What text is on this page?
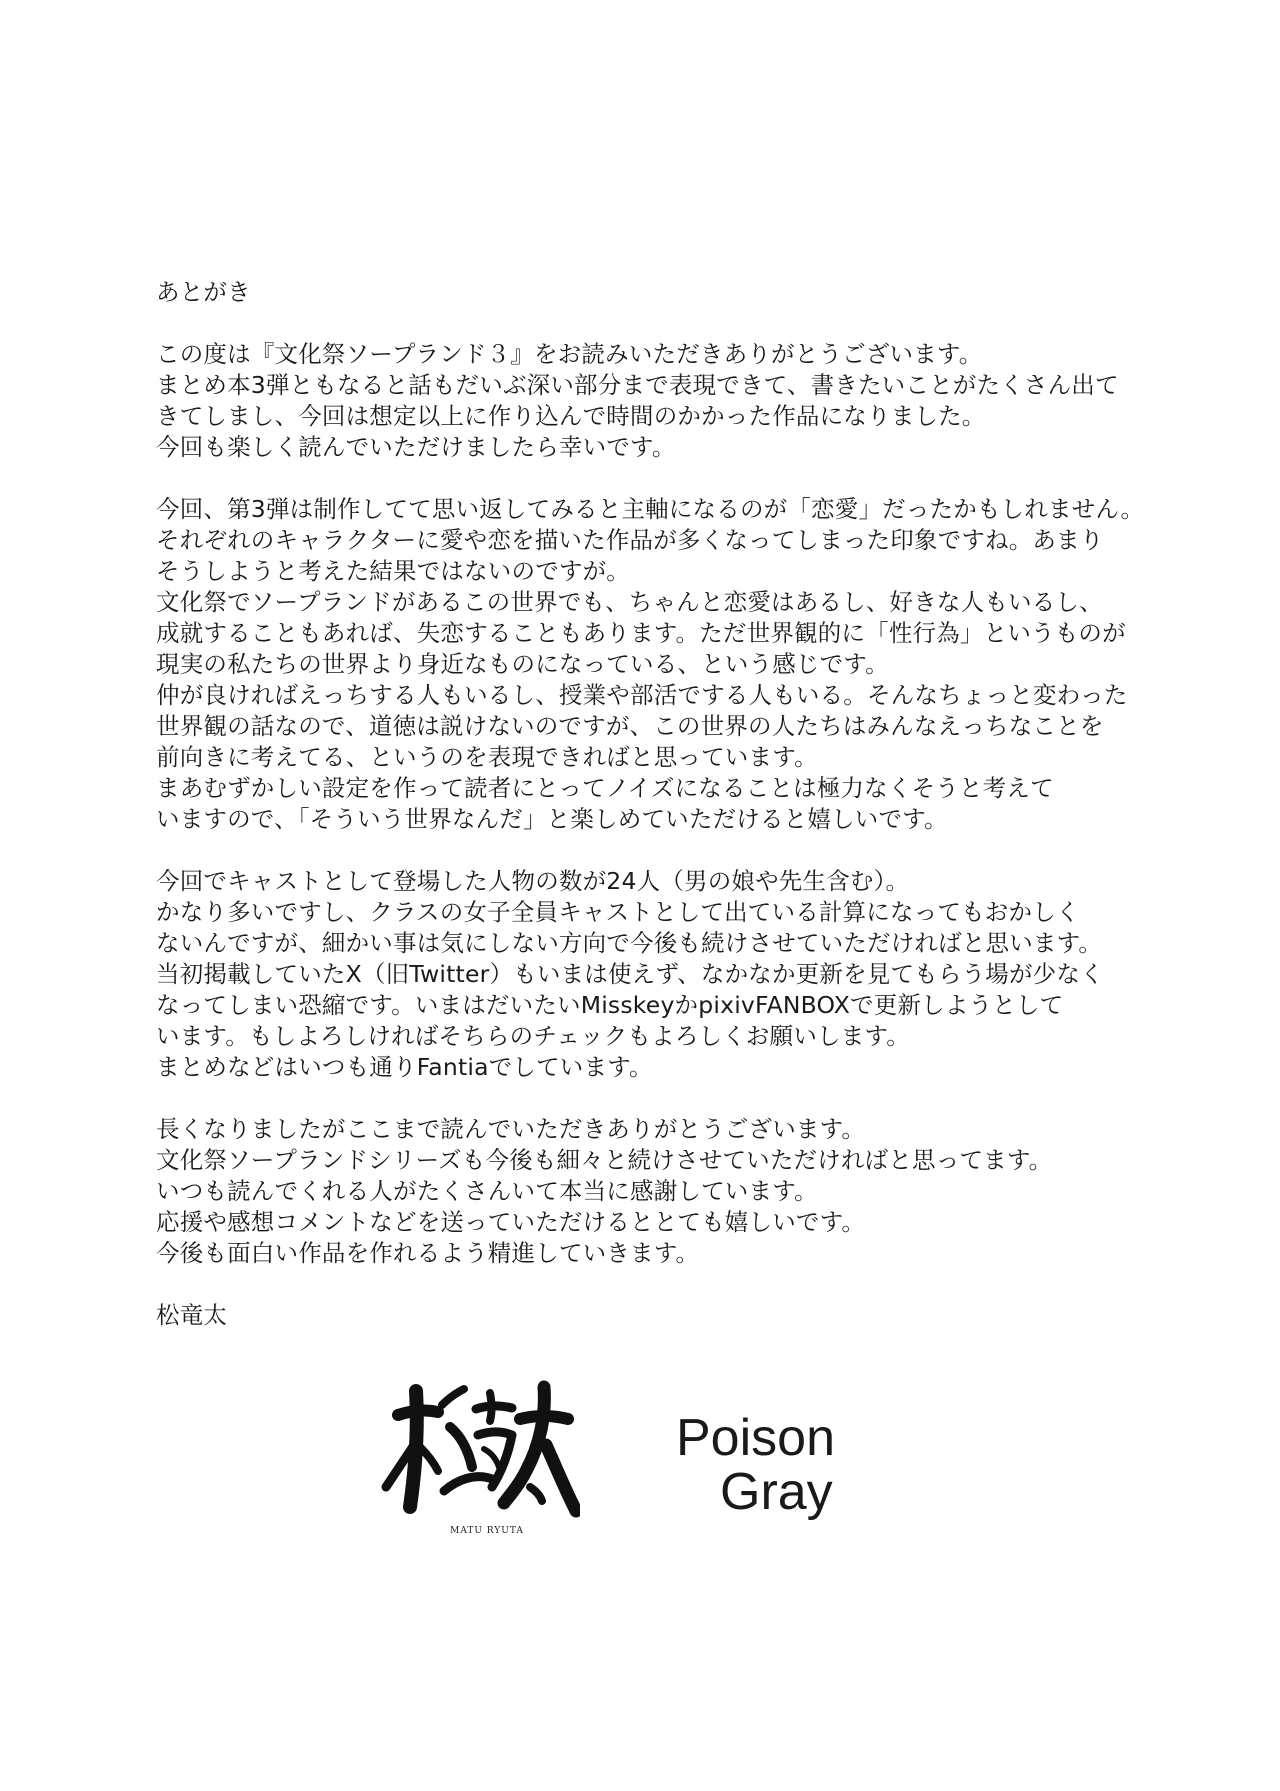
あとがき

この度は『文化祭ソープランド３』をお読みいただきありがとうございます。

まとめ本3弾ともなると話もだいぶ深い部分まで表現できて、書きたいことがたくさん出て

きてしまし、今回は想定以上に作り込んで時間のかかった作品になりました。

今回も楽しく読んでいただけましたら幸いです。

今回、第3弾は制作してて思い返してみると主軸になるのが「恋愛」だったかもしれません。

それぞれのキャラクターに愛や恋を描いた作品が多くなってしまった印象ですね。あまり

そうしようと考えた結果ではないのですが。

文化祭でソープランドがあるこの世界でも、ちゃんと恋愛はあるし、好きな人もいるし、

成就することもあれば、失恋することもあります。ただ世界観的に「性行為」というものが

現実の私たちの世界より身近なものになっている、という感じです。

仲が良ければえっちする人もいるし、授業や部活でする人もいる。そんなちょっと変わった

世界観の話なので、道徳は説けないのですが、この世界の人たちはみんなえっちなことを

前向きに考えてる、というのを表現できればと思っています。

まあむずかしい設定を作って読者にとってノイズになることは極力なくそうと考えて

いますので、「そういう世界なんだ」と楽しめていただけると嬉しいです。

今回でキャストとして登場した人物の数が24人（男の娘や先生含む）。

かなり多いですし、クラスの女子全員キャストとして出ている計算になってもおかしく

ないんですが、細かい事は気にしない方向で今後も続けさせていただければと思います。

当初掲載していたX（旧Twitter）もいまは使えず、なかなか更新を見てもらう場が少なく

なってしまい恐縮です。いまはだいたいMisskeyかpixivFANBOXで更新しようとして

います。もしよろしければそちらのチェックもよろしくお願いします。

まとめなどはいつも通りFantiaでしています。

長くなりましたがここまで読んでいただきありがとうございます。

文化祭ソープランドシリーズも今後も細々と続けさせていただければと思ってます。

いつも読んでくれる人がたくさんいて本当に感謝しています。

応援や感想コメントなどを送っていただけるととても嬉しいです。

今後も面白い作品を作れるよう精進していきます。

松竜太

MATU RYUTA
Poison
Gray
